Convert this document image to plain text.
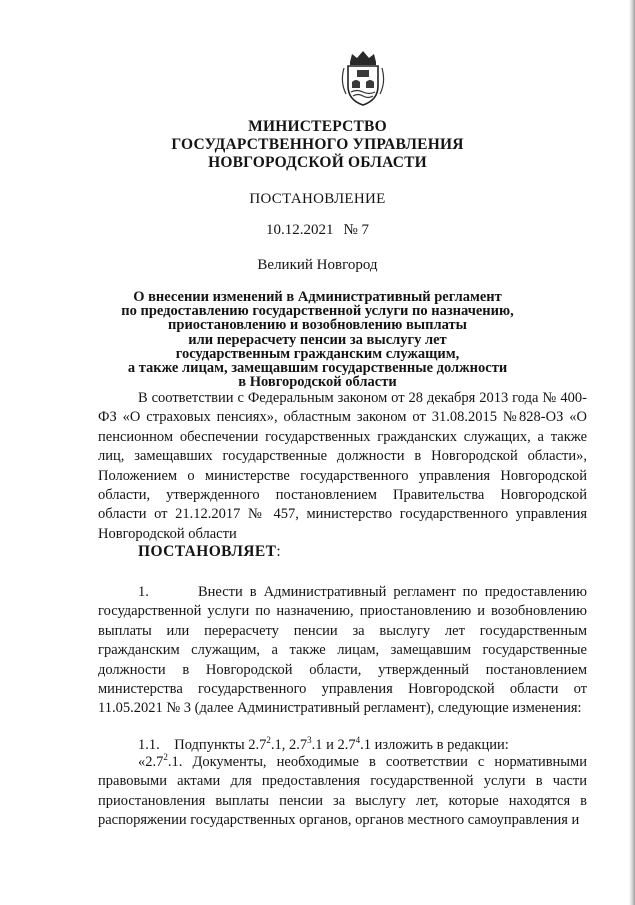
МИНИСТЕРСТВО
ГОСУДАРСТВЕННОГО УПРАВЛЕНИЯ
НОВГОРОДСКОЙ ОБЛАСТИ
ПОСТАНОВЛЕНИЕ
10.12.2021 № 7
Великий Новгород
О внесении изменений в Административный регламент
по предоставлению государственной услуги по назначению,
приостановлению и возобновлению выплаты
или перерасчету пенсии за выслугу лет
государственным гражданским служащим,
а также лицам, замещавшим государственные должности
в Новгородской области
В соответствии с Федеральным законом от 28 декабря 2013 года № 400-ФЗ «О страховых пенсиях», областным законом от 31.08.2015 №828-ОЗ «О пенсионном обеспечении государственных гражданских служащих, а также лиц, замещавших государственные должности в Новгородской области», Положением о министерстве государственного управления Новгородской области, утвержденного постановлением Правительства Новгородской области от 21.12.2017 № 457, министерство государственного управления Новгородской области
ПОСТАНОВЛЯЕТ:
1.	Внести в Административный регламент по предоставлению государственной услуги по назначению, приостановлению и возобновлению выплаты или перерасчету пенсии за выслугу лет государственным гражданским служащим, а также лицам, замещавшим государственные должности в Новгородской области, утвержденный постановлением министерства государственного управления Новгородской области от 11.05.2021 № 3 (далее Административный регламент), следующие изменения:
1.1. Подпункты $2.7^2.1$, $2.7^3.1$ и $2.7^4.1$ изложить в редакции:
«$2.7^2.1$. Документы, необходимые в соответствии с нормативными правовыми актами для предоставления государственной услуги в части приостановления выплаты пенсии за выслугу лет, которые находятся в распоряжении государственных органов, органов местного самоуправления и
